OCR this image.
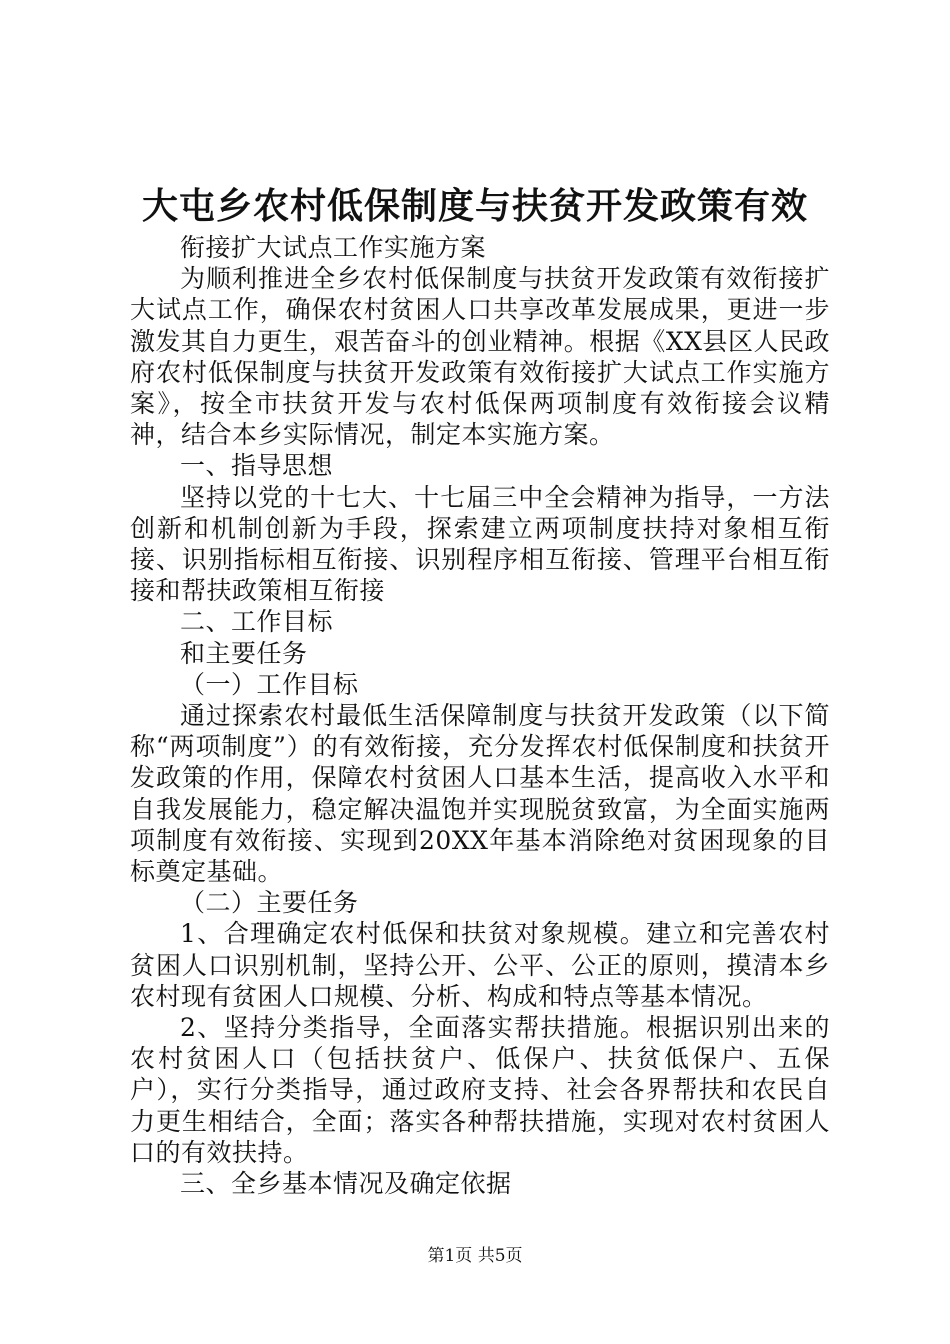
大屯乡农村低保制度与扶贫开发政策有效

衔接扩大试点工作实施方案

为顺利推进全乡农村低保制度与扶贫开发政策有效衔接扩大试点工作，确保农村贫困人口共享改革发展成果，更进一步激发其自力更生，艰苦奋斗的创业精神。根据《XX县区人民政府农村低保制度与扶贫开发政策有效衔接扩大试点工作实施方案》，按全市扶贫开发与农村低保两项制度有效衔接会议精神，结合本乡实际情况，制定本实施方案。

一、指导思想

坚持以党的十七大、十七届三中全会精神为指导，一方法创新和机制创新为手段，探索建立两项制度扶持对象相互衔接、识别指标相互衔接、识别程序相互衔接、管理平台相互衔接和帮扶政策相互衔接

二、工作目标

和主要任务

（一）工作目标

通过探索农村最低生活保障制度与扶贫开发政策（以下简称“两项制度”）的有效衔接，充分发挥农村低保制度和扶贫开发政策的作用，保障农村贫困人口基本生活，提高收入水平和自我发展能力，稳定解决温饱并实现脱贫致富，为全面实施两项制度有效衔接、实现到20XX年基本消除绝对贫困现象的目标奠定基础。

（二）主要任务

1、合理确定农村低保和扶贫对象规模。建立和完善农村贫困人口识别机制，坚持公开、公平、公正的原则，摸清本乡农村现有贫困人口规模、分析、构成和特点等基本情况。

2、坚持分类指导，全面落实帮扶措施。根据识别出来的农村贫困人口（包括扶贫户、低保户、扶贫低保户、五保户），实行分类指导，通过政府支持、社会各界帮扶和农民自力更生相结合，全面；落实各种帮扶措施，实现对农村贫困人口的有效扶持。

三、全乡基本情况及确定依据

第1页 共5页
